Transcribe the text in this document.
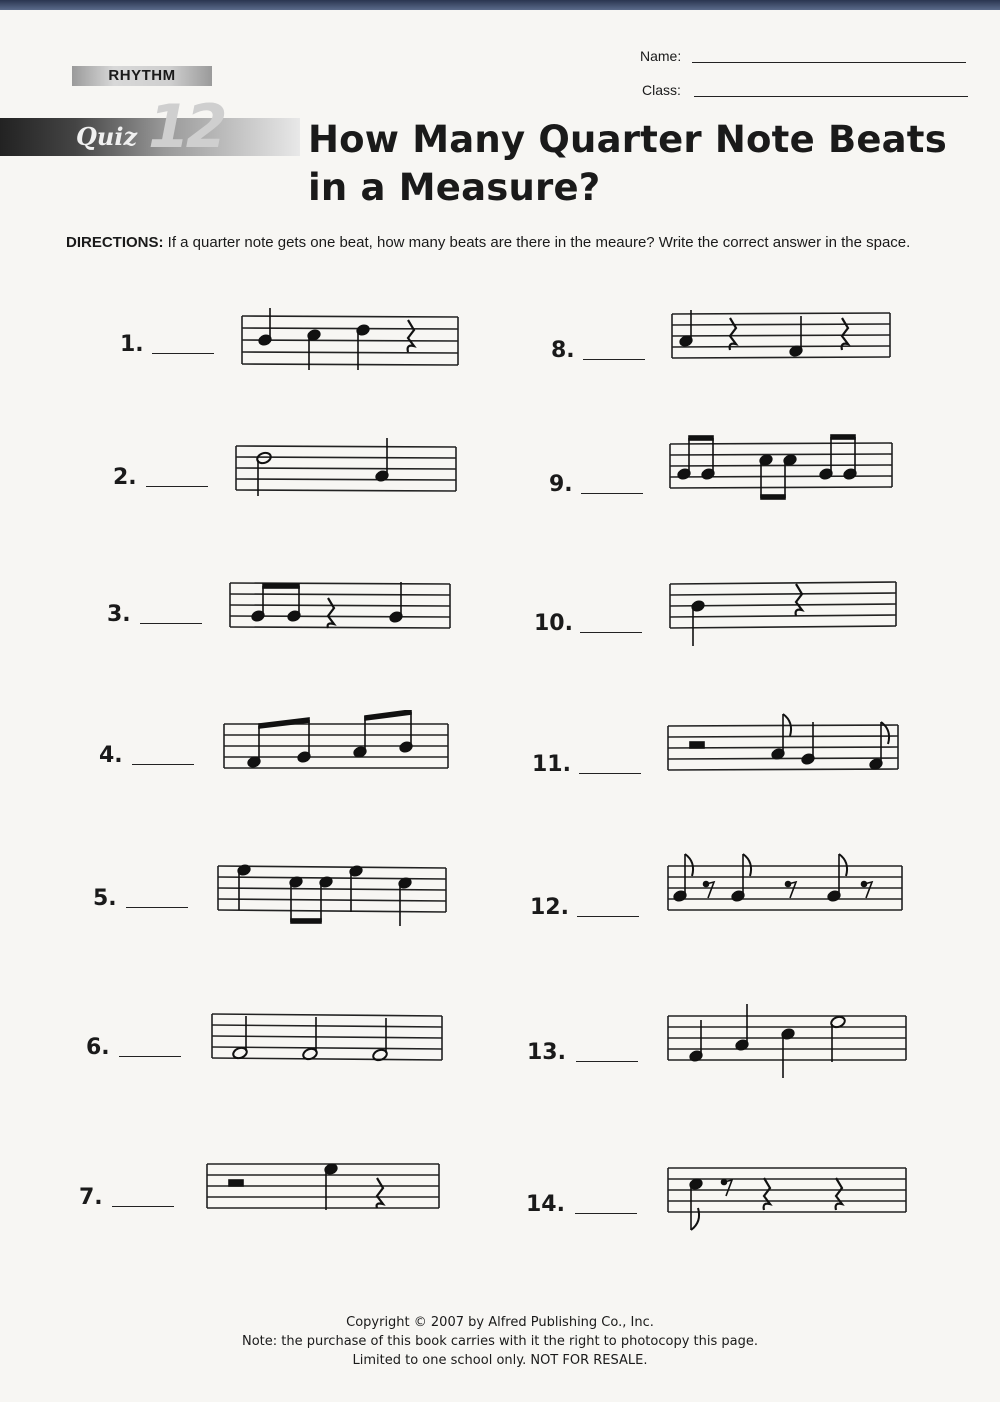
RHYTHM
12
Quiz	How Many Quarter Note Beats in a Measure?
Name:
Class:
DIRECTIONS: If a quarter note gets one beat, how many beats are there in the meaure? Write the correct answer in the space.
1.
2.
3.
4.
5.
6.
7.
8.
9.
10.
11.
12.
13.
14.
Copyright © 2007 by Alfred Publishing Co., Inc.
Note: the purchase of this book carries with it the right to photocopy this page.
Limited to one school only. NOT FOR RESALE.
